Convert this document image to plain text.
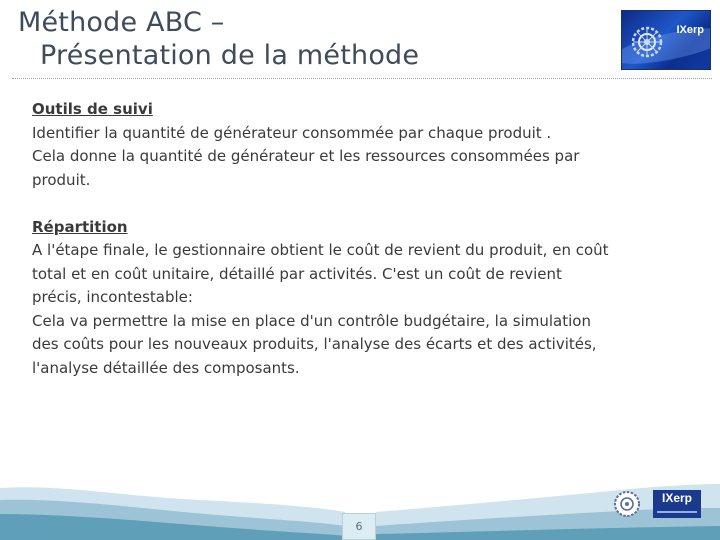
Méthode ABC –
Présentation de la méthode
IXerp

Outils de suivi

Identifier la quantité de générateur consommée par chaque produit .

Cela donne la quantité de générateur et les ressources consommées par

produit.

Répartition

A l'étape finale, le gestionnaire obtient le coût de revient du produit, en coût

total et en coût unitaire, détaillé par activités. C'est un coût de revient

précis, incontestable:

Cela va permettre la mise en place d'un contrôle budgétaire, la simulation

des coûts pour les nouveaux produits, l'analyse des écarts et des activités,

l'analyse détaillée des composants.

6
IXerp
